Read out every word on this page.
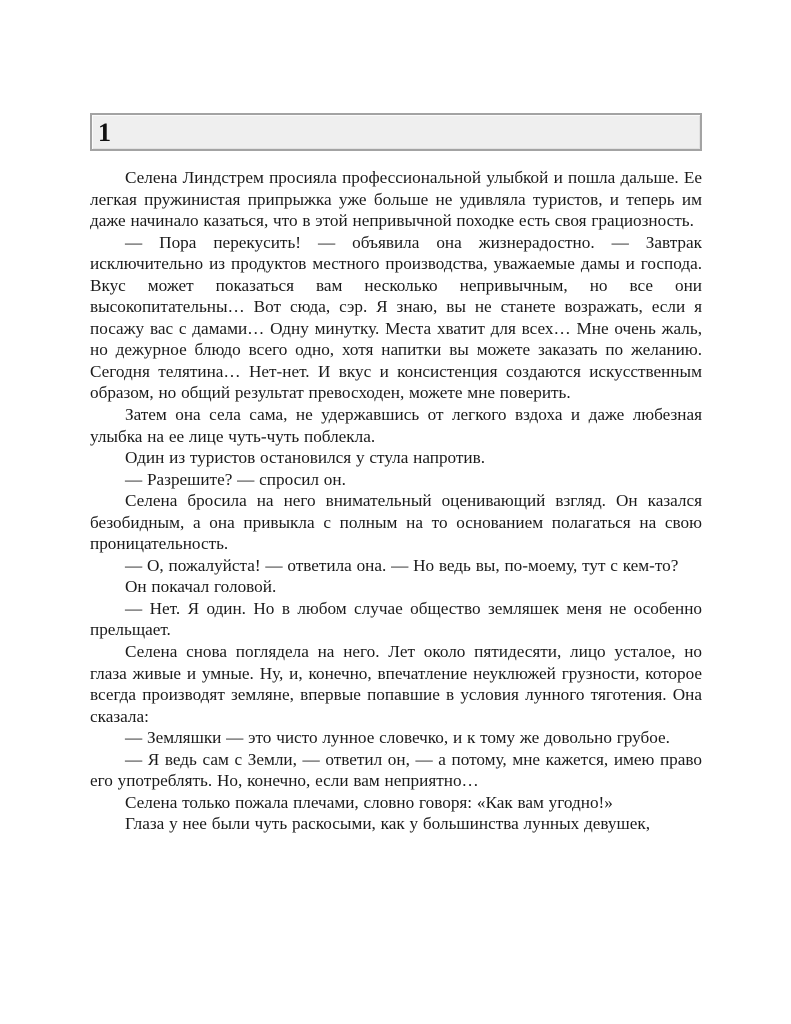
1

Селена Линдстрем просияла профессиональной улыбкой и пошла дальше. Ее легкая пружинистая припрыжка уже больше не удивляла туристов, и теперь им даже начинало казаться, что в этой непривычной походке есть своя грациозность.

— Пора перекусить! — объявила она жизнерадостно. — Завтрак исключительно из продуктов местного производства, уважаемые дамы и господа. Вкус может показаться вам несколько непривычным, но все они высокопитательны… Вот сюда, сэр. Я знаю, вы не станете возражать, если я посажу вас с дамами… Одну минутку. Места хватит для всех… Мне очень жаль, но дежурное блюдо всего одно, хотя напитки вы можете заказать по желанию. Сегодня телятина… Нет-нет. И вкус и консистенция создаются искусственным образом, но общий результат превосходен, можете мне поверить.

Затем она села сама, не удержавшись от легкого вздоха и даже любезная улыбка на ее лице чуть-чуть поблекла.

Один из туристов остановился у стула напротив.

— Разрешите? — спросил он.

Селена бросила на него внимательный оценивающий взгляд. Он казался безобидным, а она привыкла с полным на то основанием полагаться на свою проницательность.

— О, пожалуйста! — ответила она. — Но ведь вы, по-моему, тут с кем-то?

Он покачал головой.

— Нет. Я один. Но в любом случае общество земляшек меня не особенно прельщает.

Селена снова поглядела на него. Лет около пятидесяти, лицо усталое, но глаза живые и умные. Ну, и, конечно, впечатление неуклюжей грузности, которое всегда производят земляне, впервые попавшие в условия лунного тяготения. Она сказала:

— Земляшки — это чисто лунное словечко, и к тому же довольно грубое.

— Я ведь сам с Земли, — ответил он, — а потому, мне кажется, имею право его употреблять. Но, конечно, если вам неприятно…

Селена только пожала плечами, словно говоря: «Как вам угодно!»

Глаза у нее были чуть раскосыми, как у большинства лунных девушек,
